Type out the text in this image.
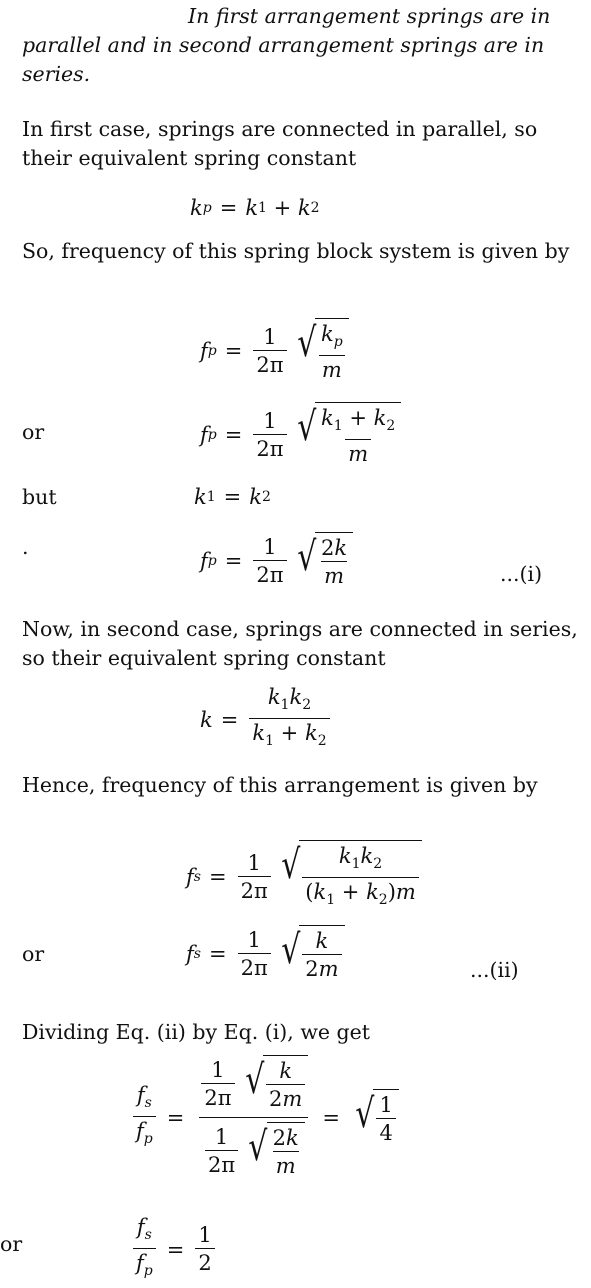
In first arrangement springs are in parallel and in second arrangement springs are in series.

In first case, springs are connected in parallel, so their equivalent spring constant

k p = k 1 + k 2

So, frequency of this spring block system is given by

f $p = \frac{1}{2\pi}$ √ $\frac{k_p}{m}$
or	f $p = \frac{1}{2\pi}$ √ $\frac{k_1 + k_2}{m}$
but	k 1 = k 2
.
f $p = \frac{1}{2\pi}$ √ $\frac{2k}{m}$	...(i)

Now, in second case, springs are connected in series, so their equivalent spring constant

$k = \frac{k_1k_2}{k_1 + k_2}$

Hence, frequency of this arrangement is given by

f $s = \frac{1}{2\pi}$ √ $\frac{k_1k_2}{(k_1 + k_2)m}$
or	f $s = \frac{1}{2\pi}$ √ $\frac{k}{2m}$	...(ii)

Dividing Eq. (ii) by Eq. (i), we get

$\frac{f_s}{f_p} = \frac{\frac{1}{2\pi} √ \frac{k}{2m}}{\frac{1}{2\pi} √ \frac{2k}{m}}$ = √ $\frac{1}{4}$
or	$\frac{f_s}{f_p} = \frac{1}{2}$
